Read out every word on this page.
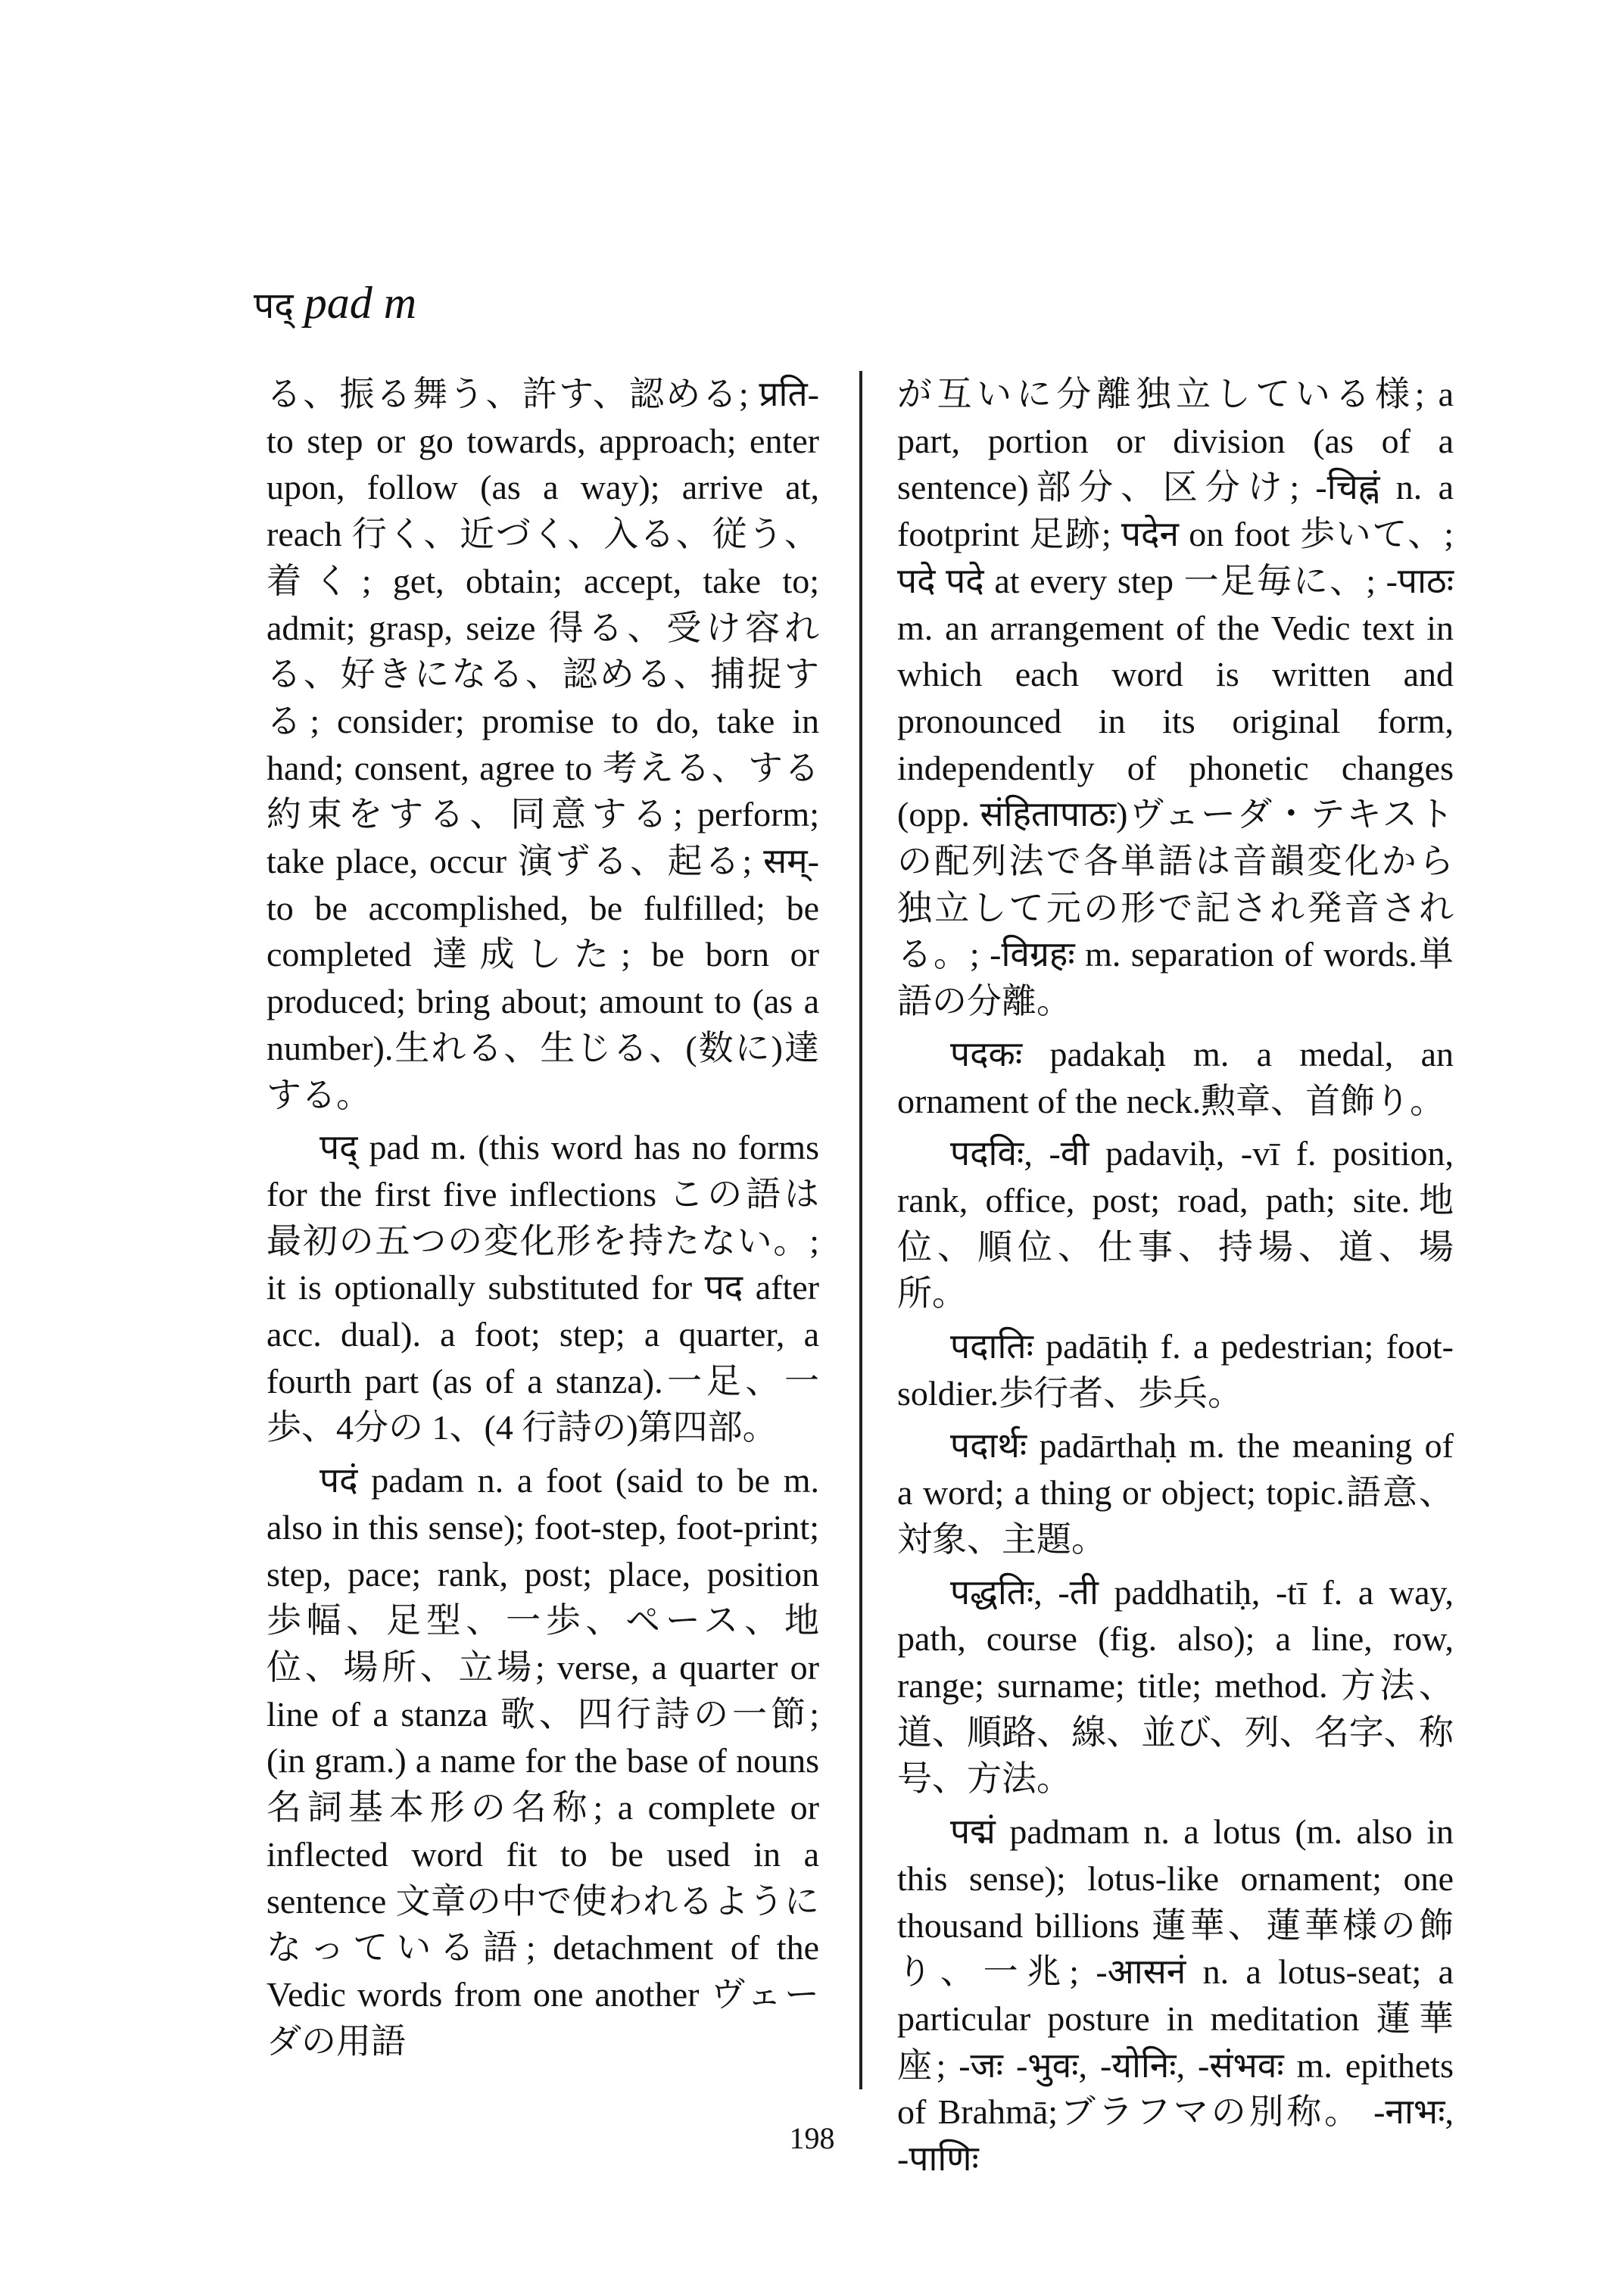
पद् pad m

る、振る舞う、許す、認める; प्रति- to step or go towards, approach; enter upon, follow (as a way); arrive at, reach 行く、近づく、入る、従う、着く; get, obtain; accept, take to; admit; grasp, seize 得る、受け容れる、好きになる、認める、捕捉する; consider; promise to do, take in hand; consent, agree to 考える、する約束をする、同意する; perform; take place, occur 演ずる、起る; सम्- to be accomplished, be fulfilled; be completed 達成した; be born or produced; bring about; amount to (as a number).生れる、生じる、(数に)達する。

पद् pad m. (this word has no forms for the first five inflections この語は最初の五つの変化形を持たない。; it is optionally substituted for पद after acc. dual). a foot; step; a quarter, a fourth part (as of a stanza).一足、一歩、4分の 1、(4 行詩の)第四部。

पदं padam n. a foot (said to be m. also in this sense); foot-step, foot-print; step, pace; rank, post; place, position 歩幅、足型、一歩、ペース、地位、場所、立場; verse, a quarter or line of a stanza 歌、四行詩の一節; (in gram.) a name for the base of nouns 名詞基本形の名称; a complete or inflected word fit to be used in a sentence 文章の中で使われるようになっている語; detachment of the Vedic words from one another ヴェーダの用語

が互いに分離独立している様; a part, portion or division (as of a sentence)部分、区分け; -चिह्नं n. a footprint 足跡; पदेन on foot 歩いて、; पदे पदे at every step 一足毎に、; -पाठः m. an arrangement of the Vedic text in which each word is written and pronounced in its original form, independently of phonetic changes (opp. संहितापाठः)ヴェーダ・テキストの配列法で各単語は音韻変化から独立して元の形で記され発音される。; -विग्रहः m. separation of words.単語の分離。

पदकः padakaḥ m. a medal, an ornament of the neck.勲章、首飾り。

पदविः, -वी padaviḥ, -vī f. position, rank, office, post; road, path; site.地位、順位、仕事、持場、道、場所。

पदातिः padātiḥ f. a pedestrian; foot-soldier.歩行者、歩兵。

पदार्थः padārthaḥ m. the meaning of a word; a thing or object; topic.語意、対象、主題。

पद्धतिः, -ती paddhatiḥ, -tī f. a way, path, course (fig. also); a line, row, range; surname; title; method. 方法、道、順路、線、並び、列、名字、称号、方法。

पद्मं padmam n. a lotus (m. also in this sense); lotus-like ornament; one thousand billions 蓮華、蓮華様の飾り、一兆; -आसनं n. a lotus-seat; a particular posture in meditation 蓮華座; -जः -भुवः, -योनिः, -संभवः m. epithets of Brahmā;ブラフマの別称。 -नाभः, -पाणिः

198
